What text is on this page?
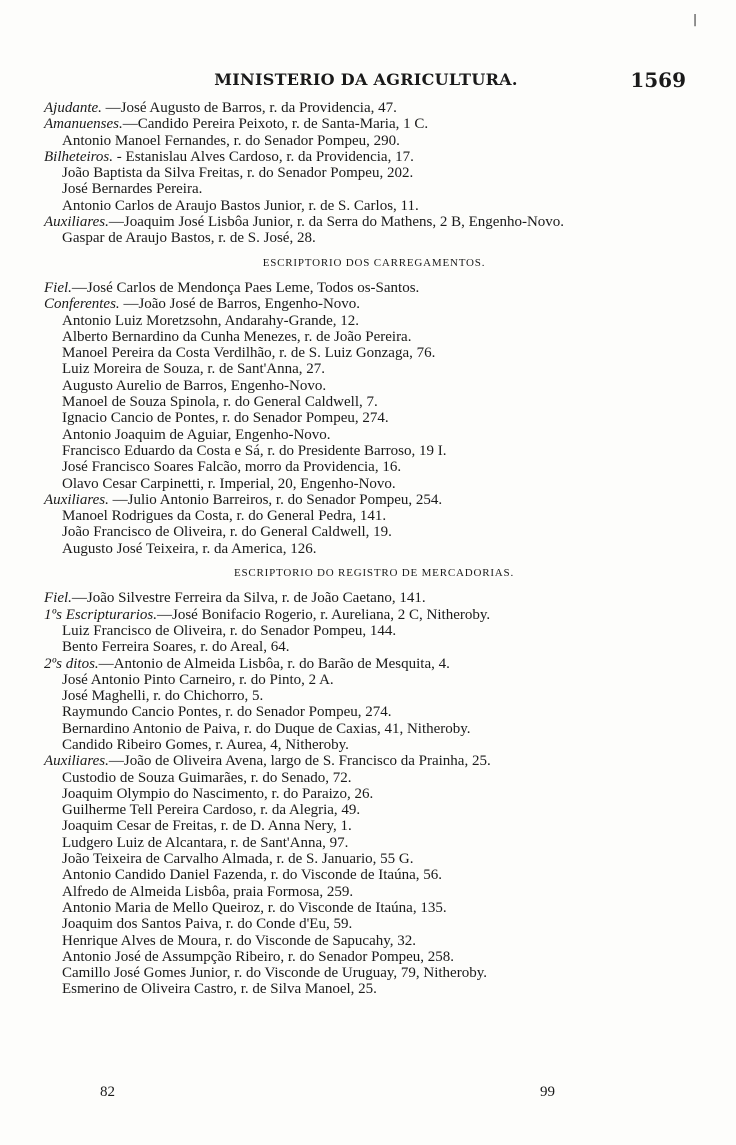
|
MINISTERIO DA AGRICULTURA.	1569
Ajudante. —José Augusto de Barros, r. da Providencia, 47.
Amanuenses.—Candido Pereira Peixoto, r. de Santa-Maria, 1 C.
Antonio Manoel Fernandes, r. do Senador Pompeu, 290.
Bilheteiros. - Estanislau Alves Cardoso, r. da Providencia, 17.
João Baptista da Silva Freitas, r. do Senador Pompeu, 202.
José Bernardes Pereira.
Antonio Carlos de Araujo Bastos Junior, r. de S. Carlos, 11.
Auxiliares.—Joaquim José Lisbôa Junior, r. da Serra do Mathens, 2 B, Engenho-Novo.
Gaspar de Araujo Bastos, r. de S. José, 28.
ESCRIPTORIO DOS CARREGAMENTOS.
Fiel.—José Carlos de Mendonça Paes Leme, Todos os-Santos.
Conferentes. —João José de Barros, Engenho-Novo.
Antonio Luiz Moretzsohn, Andarahy-Grande, 12.
Alberto Bernardino da Cunha Menezes, r. de João Pereira.
Manoel Pereira da Costa Verdilhão, r. de S. Luiz Gonzaga, 76.
Luiz Moreira de Souza, r. de Sant'Anna, 27.
Augusto Aurelio de Barros, Engenho-Novo.
Manoel de Souza Spinola, r. do General Caldwell, 7.
Ignacio Cancio de Pontes, r. do Senador Pompeu, 274.
Antonio Joaquim de Aguiar, Engenho-Novo.
Francisco Eduardo da Costa e Sá, r. do Presidente Barroso, 19 I.
José Francisco Soares Falcão, morro da Providencia, 16.
Olavo Cesar Carpinetti, r. Imperial, 20, Engenho-Novo.
Auxiliares. —Julio Antonio Barreiros, r. do Senador Pompeu, 254.
Manoel Rodrigues da Costa, r. do General Pedra, 141.
João Francisco de Oliveira, r. do General Caldwell, 19.
Augusto José Teixeira, r. da America, 126.
ESCRIPTORIO DO REGISTRO DE MERCADORIAS.
Fiel.—João Silvestre Ferreira da Silva, r. de João Caetano, 141.
1ºs Escripturarios.—José Bonifacio Rogerio, r. Aureliana, 2 C, Nitheroby.
Luiz Francisco de Oliveira, r. do Senador Pompeu, 144.
Bento Ferreira Soares, r. do Areal, 64.
2ºs ditos.—Antonio de Almeida Lisbôa, r. do Barão de Mesquita, 4.
José Antonio Pinto Carneiro, r. do Pinto, 2 A.
José Maghelli, r. do Chichorro, 5.
Raymundo Cancio Pontes, r. do Senador Pompeu, 274.
Bernardino Antonio de Paiva, r. do Duque de Caxias, 41, Nitheroby.
Candido Ribeiro Gomes, r. Aurea, 4, Nitheroby.
Auxiliares.—João de Oliveira Avena, largo de S. Francisco da Prainha, 25.
Custodio de Souza Guimarães, r. do Senado, 72.
Joaquim Olympio do Nascimento, r. do Paraizo, 26.
Guilherme Tell Pereira Cardoso, r. da Alegria, 49.
Joaquim Cesar de Freitas, r. de D. Anna Nery, 1.
Ludgero Luiz de Alcantara, r. de Sant'Anna, 97.
João Teixeira de Carvalho Almada, r. de S. Januario, 55 G.
Antonio Candido Daniel Fazenda, r. do Visconde de Itaúna, 56.
Alfredo de Almeida Lisbôa, praia Formosa, 259.
Antonio Maria de Mello Queiroz, r. do Visconde de Itaúna, 135.
Joaquim dos Santos Paiva, r. do Conde d'Eu, 59.
Henrique Alves de Moura, r. do Visconde de Sapucahy, 32.
Antonio José de Assumpção Ribeiro, r. do Senador Pompeu, 258.
Camillo José Gomes Junior, r. do Visconde de Uruguay, 79, Nitheroby.
Esmerino de Oliveira Castro, r. de Silva Manoel, 25.
82	99
